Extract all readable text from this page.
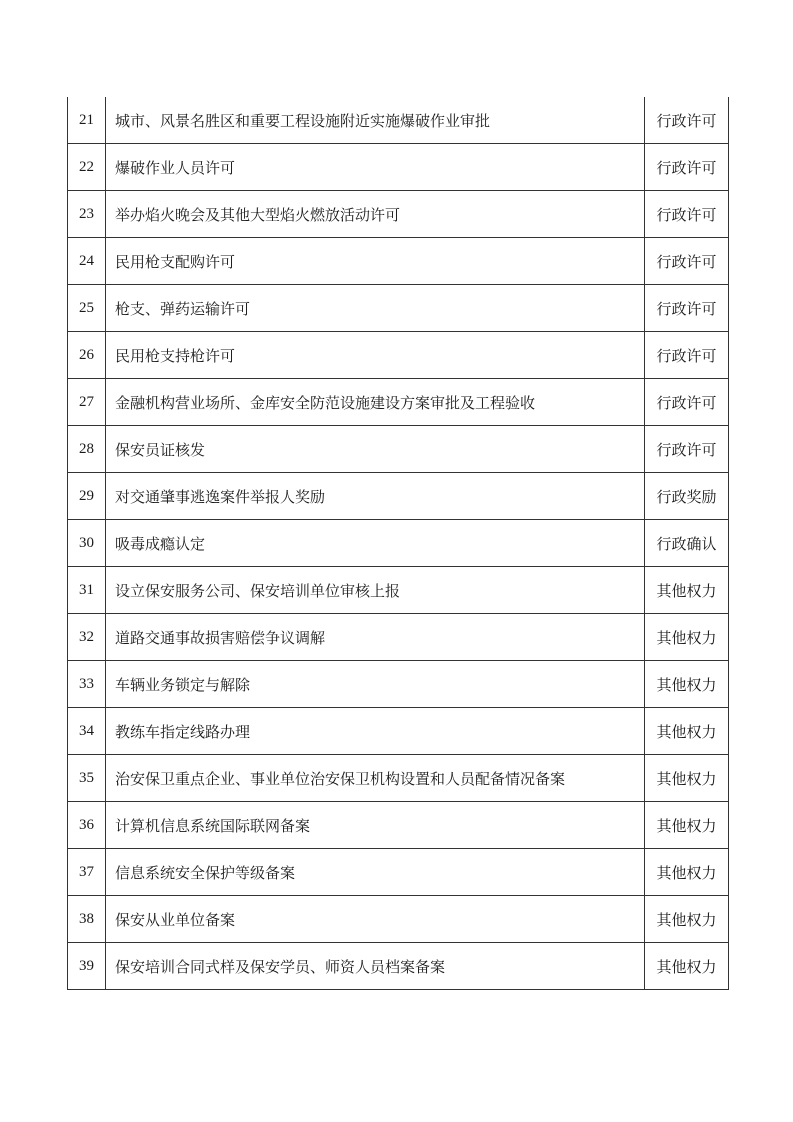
21	城市、风景名胜区和重要工程设施附近实施爆破作业审批	行政许可
22	爆破作业人员许可	行政许可
23	举办焰火晚会及其他大型焰火燃放活动许可	行政许可
24	民用枪支配购许可	行政许可
25	枪支、弹药运输许可	行政许可
26	民用枪支持枪许可	行政许可
27	金融机构营业场所、金库安全防范设施建设方案审批及工程验收	行政许可
28	保安员证核发	行政许可
29	对交通肇事逃逸案件举报人奖励	行政奖励
30	吸毒成瘾认定	行政确认
31	设立保安服务公司、保安培训单位审核上报	其他权力
32	道路交通事故损害赔偿争议调解	其他权力
33	车辆业务锁定与解除	其他权力
34	教练车指定线路办理	其他权力
35	治安保卫重点企业、事业单位治安保卫机构设置和人员配备情况备案	其他权力
36	计算机信息系统国际联网备案	其他权力
37	信息系统安全保护等级备案	其他权力
38	保安从业单位备案	其他权力
39	保安培训合同式样及保安学员、师资人员档案备案	其他权力
